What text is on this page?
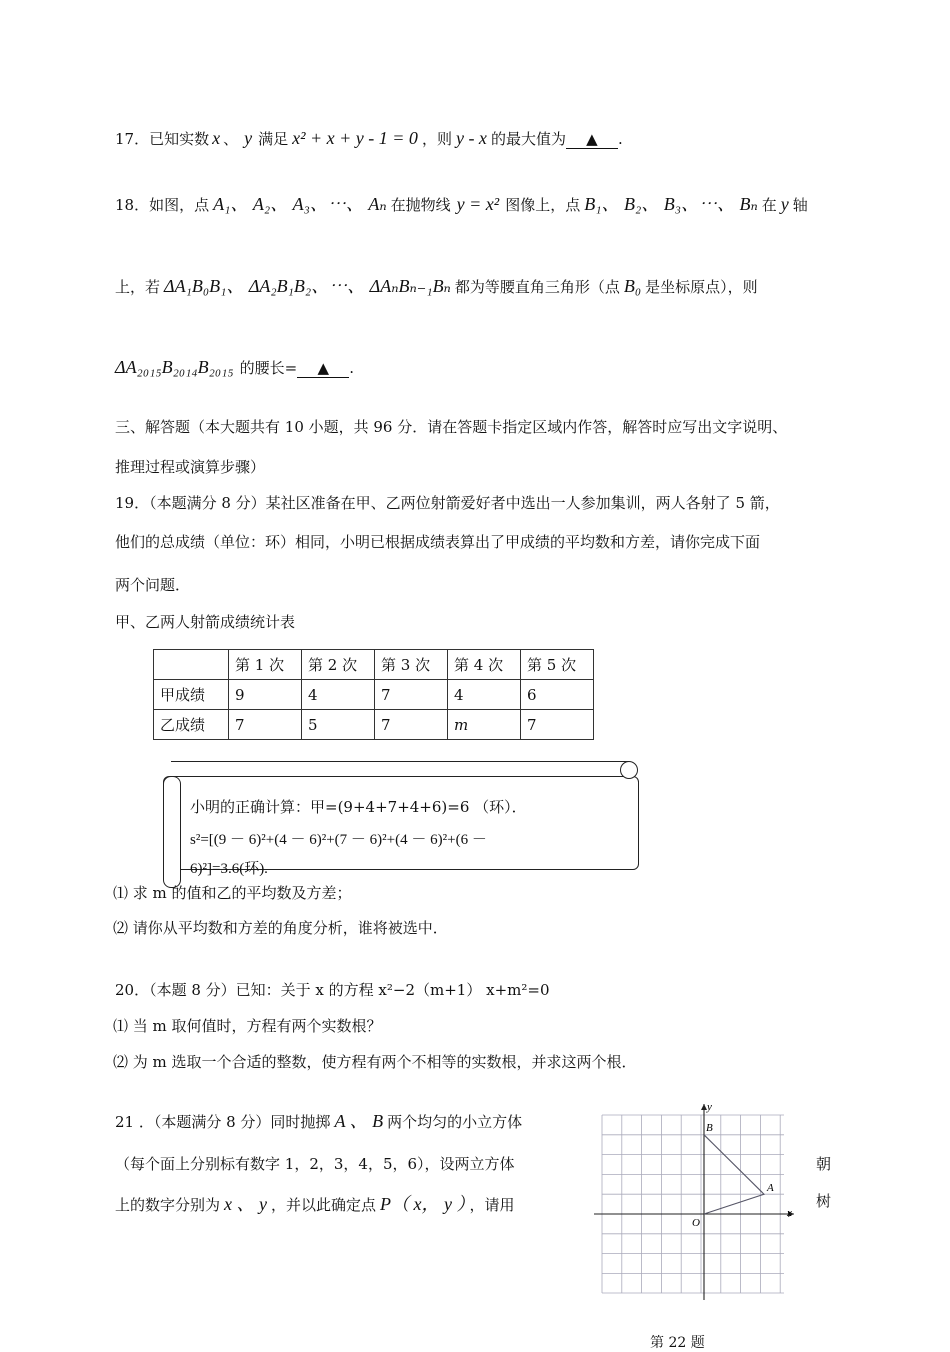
17．已知实数 x 、 y 满足 x² + x + y - 1 = 0 ，则 y - x 的最大值为 ▲ .
18．如图，点 A₁、 A₂、 A₃、⋯、 Aₙ 在抛物线 y = x² 图像上，点 B₁、 B₂、 B₃、⋯、 Bₙ 在 y 轴
上，若 ΔA₁B₀B₁、 ΔA₂B₁B₂、⋯、 ΔAₙBₙ₋₁Bₙ 都为等腰直角三角形（点 B₀ 是坐标原点），则
ΔA₂₀₁₅B₂₀₁₄B₂₀₁₅ 的腰长= ▲ .
三、解答题（本大题共有 10 小题，共 96 分．请在答题卡指定区域内作答，解答时应写出文字说明、
推理过程或演算步骤）
19．（本题满分 8 分）某社区准备在甲、乙两位射箭爱好者中选出一人参加集训，两人各射了 5 箭，
他们的总成绩（单位：环）相同，小明已根据成绩表算出了甲成绩的平均数和方差，请你完成下面
两个问题．
甲、乙两人射箭成绩统计表
	第 1 次	第 2 次	第 3 次	第 4 次	第 5 次
甲成绩	9	4	7	4	6
乙成绩	7	5	7	m	7
小明的正确计算：甲=(9+4+7+4+6)=6 （环）．
s²=[(9 － 6)²+(4 － 6)²+(7 － 6)²+(4 － 6)²+(6 －
6)²]=3.6(环).
⑴ 求 m 的值和乙的平均数及方差；
⑵ 请你从平均数和方差的角度分析，谁将被选中．
20．（本题 8 分）已知：关于 x 的方程 x²−2（m+1） x+m²=0
⑴ 当 m 取何值时，方程有两个实数根？
⑵ 为 m 选取一个合适的整数，使方程有两个不相等的实数根，并求这两个根．
21 ．（本题满分 8 分）同时抛掷 A 、 B 两个均匀的小立方体
（每个面上分别标有数字 1，2，3，4，5，6），设两立方体	朝
上的数字分别为 x 、 y ，并以此确定点 P（ x， y ） ，请用	树
y
x
O
A
B
第 22 题
